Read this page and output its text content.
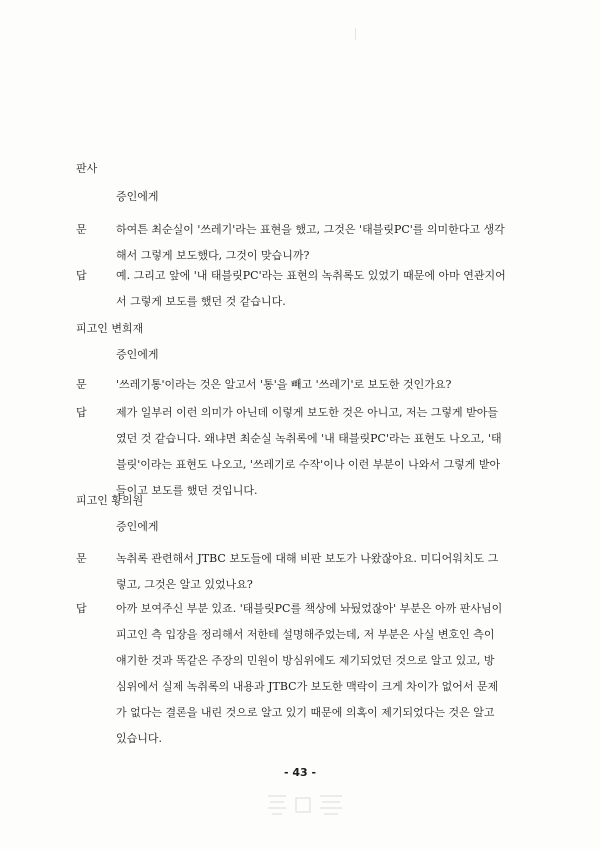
판사
증인에게
문	하여튼 최순실이 '쓰레기'라는 표현을 했고, 그것은 '태블릿PC'를 의미한다고 생각

해서 그렇게 보도했다, 그것이 맞습니까?

답	예. 그리고 앞에 '내 태블릿PC'라는 표현의 녹취록도 있었기 때문에 아마 연관지어

서 그렇게 보도를 했던 것 같습니다.

피고인 변희재
증인에게
문	'쓰레기통'이라는 것은 알고서 '통'을 빼고 '쓰레기'로 보도한 것인가요?

답	제가 일부러 이런 의미가 아닌데 이렇게 보도한 것은 아니고, 저는 그렇게 받아들

였던 것 같습니다. 왜냐면 최순실 녹취록에 '내 태블릿PC'라는 표현도 나오고, '태

블릿'이라는 표현도 나오고, '쓰레기로 수작'이나 이런 부분이 나와서 그렇게 받아

들이고 보도를 했던 것입니다.

피고인 황의원
증인에게
문	녹취록 관련해서 JTBC 보도들에 대해 비판 보도가 나왔잖아요. 미디어워치도 그

렇고, 그것은 알고 있었나요?

답	아까 보여주신 부분 있죠. '태블릿PC를 책상에 놔뒀었잖아' 부분은 아까 판사님이

피고인 측 입장을 정리해서 저한테 설명해주었는데, 저 부분은 사실 변호인 측이

얘기한 것과 똑같은 주장의 민원이 방심위에도 제기되었던 것으로 알고 있고, 방

심위에서 실제 녹취록의 내용과 JTBC가 보도한 맥락이 크게 차이가 없어서 문제

가 없다는 결론을 내린 것으로 알고 있기 때문에 의혹이 제기되었다는 것은 알고

있습니다.

- 43 -
